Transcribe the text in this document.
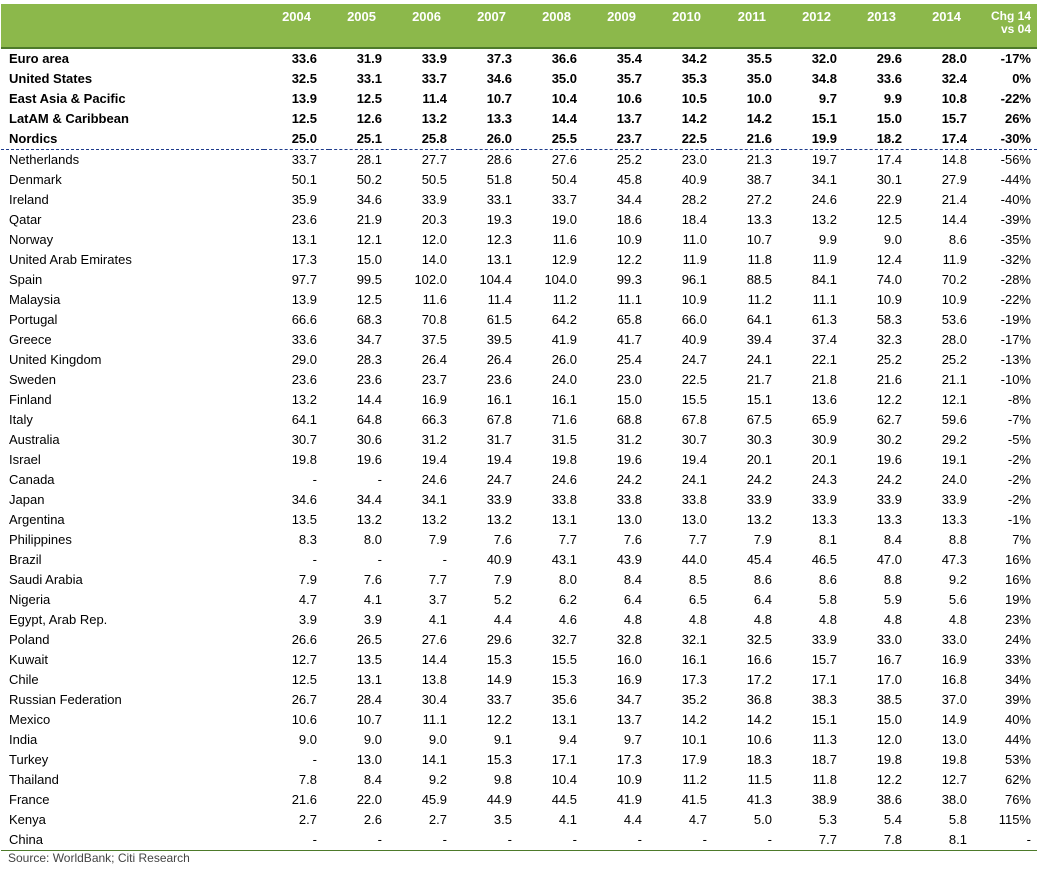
	2004	2005	2006	2007	2008	2009	2010	2011	2012	2013	2014	Chg 14
vs 04

Euro area	33.6	31.9	33.9	37.3	36.6	35.4	34.2	35.5	32.0	29.6	28.0	-17%
United States	32.5	33.1	33.7	34.6	35.0	35.7	35.3	35.0	34.8	33.6	32.4	0%
East Asia & Pacific	13.9	12.5	11.4	10.7	10.4	10.6	10.5	10.0	9.7	9.9	10.8	-22%
LatAM & Caribbean	12.5	12.6	13.2	13.3	14.4	13.7	14.2	14.2	15.1	15.0	15.7	26%
Nordics	25.0	25.1	25.8	26.0	25.5	23.7	22.5	21.6	19.9	18.2	17.4	-30%
Netherlands	33.7	28.1	27.7	28.6	27.6	25.2	23.0	21.3	19.7	17.4	14.8	-56%
Denmark	50.1	50.2	50.5	51.8	50.4	45.8	40.9	38.7	34.1	30.1	27.9	-44%
Ireland	35.9	34.6	33.9	33.1	33.7	34.4	28.2	27.2	24.6	22.9	21.4	-40%
Qatar	23.6	21.9	20.3	19.3	19.0	18.6	18.4	13.3	13.2	12.5	14.4	-39%
Norway	13.1	12.1	12.0	12.3	11.6	10.9	11.0	10.7	9.9	9.0	8.6	-35%
United Arab Emirates	17.3	15.0	14.0	13.1	12.9	12.2	11.9	11.8	11.9	12.4	11.9	-32%
Spain	97.7	99.5	102.0	104.4	104.0	99.3	96.1	88.5	84.1	74.0	70.2	-28%
Malaysia	13.9	12.5	11.6	11.4	11.2	11.1	10.9	11.2	11.1	10.9	10.9	-22%
Portugal	66.6	68.3	70.8	61.5	64.2	65.8	66.0	64.1	61.3	58.3	53.6	-19%
Greece	33.6	34.7	37.5	39.5	41.9	41.7	40.9	39.4	37.4	32.3	28.0	-17%
United Kingdom	29.0	28.3	26.4	26.4	26.0	25.4	24.7	24.1	22.1	25.2	25.2	-13%
Sweden	23.6	23.6	23.7	23.6	24.0	23.0	22.5	21.7	21.8	21.6	21.1	-10%
Finland	13.2	14.4	16.9	16.1	16.1	15.0	15.5	15.1	13.6	12.2	12.1	-8%
Italy	64.1	64.8	66.3	67.8	71.6	68.8	67.8	67.5	65.9	62.7	59.6	-7%
Australia	30.7	30.6	31.2	31.7	31.5	31.2	30.7	30.3	30.9	30.2	29.2	-5%
Israel	19.8	19.6	19.4	19.4	19.8	19.6	19.4	20.1	20.1	19.6	19.1	-2%
Canada	-	-	24.6	24.7	24.6	24.2	24.1	24.2	24.3	24.2	24.0	-2%
Japan	34.6	34.4	34.1	33.9	33.8	33.8	33.8	33.9	33.9	33.9	33.9	-2%
Argentina	13.5	13.2	13.2	13.2	13.1	13.0	13.0	13.2	13.3	13.3	13.3	-1%
Philippines	8.3	8.0	7.9	7.6	7.7	7.6	7.7	7.9	8.1	8.4	8.8	7%
Brazil	-	-	-	40.9	43.1	43.9	44.0	45.4	46.5	47.0	47.3	16%
Saudi Arabia	7.9	7.6	7.7	7.9	8.0	8.4	8.5	8.6	8.6	8.8	9.2	16%
Nigeria	4.7	4.1	3.7	5.2	6.2	6.4	6.5	6.4	5.8	5.9	5.6	19%
Egypt, Arab Rep.	3.9	3.9	4.1	4.4	4.6	4.8	4.8	4.8	4.8	4.8	4.8	23%
Poland	26.6	26.5	27.6	29.6	32.7	32.8	32.1	32.5	33.9	33.0	33.0	24%
Kuwait	12.7	13.5	14.4	15.3	15.5	16.0	16.1	16.6	15.7	16.7	16.9	33%
Chile	12.5	13.1	13.8	14.9	15.3	16.9	17.3	17.2	17.1	17.0	16.8	34%
Russian Federation	26.7	28.4	30.4	33.7	35.6	34.7	35.2	36.8	38.3	38.5	37.0	39%
Mexico	10.6	10.7	11.1	12.2	13.1	13.7	14.2	14.2	15.1	15.0	14.9	40%
India	9.0	9.0	9.0	9.1	9.4	9.7	10.1	10.6	11.3	12.0	13.0	44%
Turkey	-	13.0	14.1	15.3	17.1	17.3	17.9	18.3	18.7	19.8	19.8	53%
Thailand	7.8	8.4	9.2	9.8	10.4	10.9	11.2	11.5	11.8	12.2	12.7	62%
France	21.6	22.0	45.9	44.9	44.5	41.9	41.5	41.3	38.9	38.6	38.0	76%
Kenya	2.7	2.6	2.7	3.5	4.1	4.4	4.7	5.0	5.3	5.4	5.8	115%
China	-	-	-	-	-	-	-	-	7.7	7.8	8.1	-
Source: WorldBank; Citi Research
